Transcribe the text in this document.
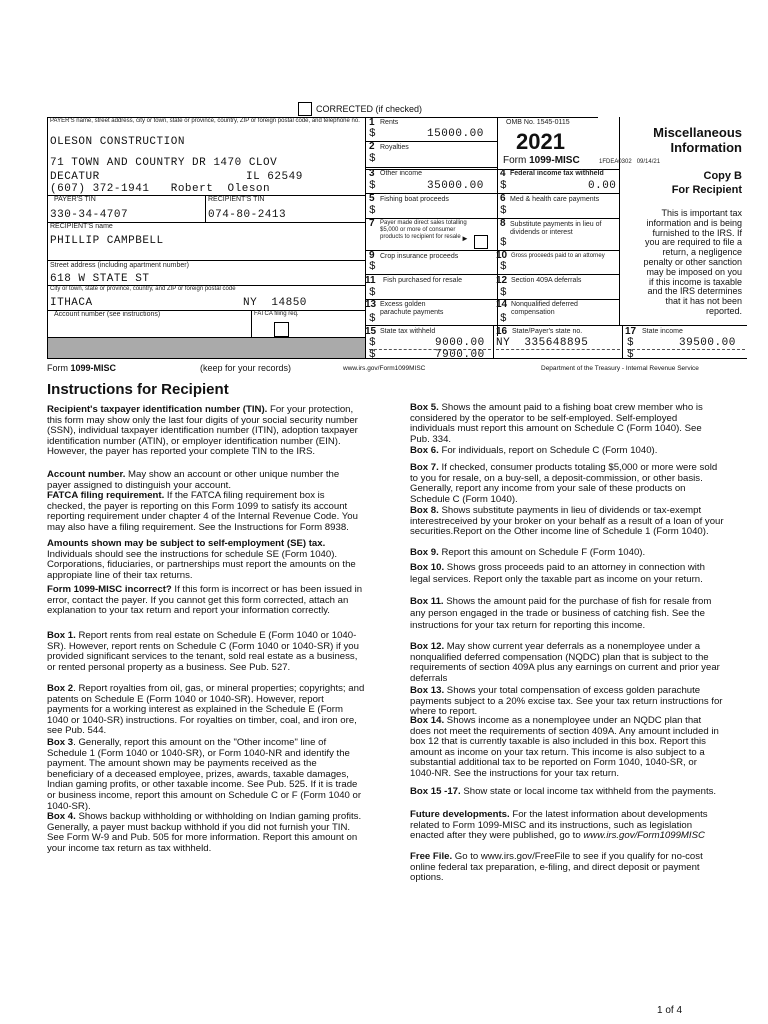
CORRECTED (if checked)
PAYER'S name, street address, city or town, state or province, country, ZIP or foreign postal code, and telephone no.
OLESON CONSTRUCTION
71 TOWN AND COUNTRY DR 1470 CLOV
DECATUR	IL 62549
(607) 372-1941   Robert  Oleson
PAYER'S TIN	RECIPIENT'S TIN
330-34-4707	074-80-2413
RECIPIENT'S name
PHILLIP CAMPBELL
Street address (including apartment number)
618 W STATE ST
City or town, state or province, country, and ZIP or foreign postal code
ITHACA	NY  14850
Account number (see instructions)	FATCA filing req.
1 Rents
$	15000.00
2 Royalties
$
OMB No. 1545-0115
2021
Form 1099-MISC	1FDEA0302   09/14/21
Miscellaneous
Information
Copy B
For Recipient
This is important tax information and is being furnished to the IRS. If you are required to file a return, a negligence penalty or other sanction may be imposed on you if this income is taxable and the IRS determines that it has not been reported.
3 Other income
$	35000.00
4 Federal income tax withheld
$	0.00
5 Fishing boat proceeds
$
6 Med & health care payments
$
7 Payer made direct sales totalling $5,000 or more of consumer products to recipient for resale ►
8 Substitute payments in lieu of dividends or interest
$
9 Crop insurance proceeds
$
10 Gross proceeds paid to an attorney
$
11 Fish purchased for resale
$
12 Section 409A deferrals
$
13 Excess golden parachute payments
$
14 Nonqualified deferred compensation
$
15 State tax withheld
$	9000.00
$	7900.00
16 State/Payer's state no.
NY  335648895
17 State income
$	39500.00
$
Form 1099-MISC	(keep for your records)	www.irs.gov/Form1099MISC	Department of the Treasury - Internal Revenue Service
Instructions for Recipient
Recipient's taxpayer identification number (TIN). For your protection, this form may show only the last four digits of your social security number (SSN), individual taxpayer identification number (ITIN), adoption taxpayer identification number (ATIN), or employer identification number (EIN). However, the payer has reported your complete TIN to the IRS.
Account number. May show an account or other unique number the payer assigned to distinguish your account.
FATCA filing requirement. If the FATCA filing requirement box is checked, the payer is reporting on this Form 1099 to satisfy its account reporting requirement under chapter 4 of the Internal Revenue Code. You may also have a filing requirement. See the Instructions for Form 8938.
Amounts shown may be subject to self-employment (SE) tax. Individuals should see the instructions for schedule SE (Form 1040). Corporations, fiduciaries, or partnerships must report the amounts on the appropiate line of their tax returns.
Form 1099-MISC incorrect? If this form is incorrect or has been issued in error, contact the payer. If you cannot get this form corrected, attach an explanation to your tax return and report your information correctly.
Box 1. Report rents from real estate on Schedule E (Form 1040 or 1040-SR). However, report rents on Schedule C (Form 1040 or 1040-SR) if you provided significant services to the tenant, sold real estate as a business, or rented personal property as a business. See Pub. 527.
Box 2. Report royalties from oil, gas, or mineral properties; copyrights; and patents on Schedule E (Form 1040 or 1040-SR). However, report payments for a working interest as explained in the Schedule E (Form 1040 or 1040-SR) instructions. For royalties on timber, coal, and iron ore, see Pub. 544.
Box 3. Generally, report this amount on the "Other income" line of Schedule 1 (Form 1040 or 1040-SR), or Form 1040-NR and identify the payment. The amount shown may be payments received as the beneficiary of a deceased employee, prizes, awards, taxable damages, Indian gaming profits, or other taxable income. See Pub. 525. If it is trade or business income, report this amount on Schedule C or F (Form 1040 or 1040-SR).
Box 4. Shows backup withholding or withholding on Indian gaming profits. Generally, a payer must backup withhold if you did not furnish your TIN. See Form W-9 and Pub. 505 for more information. Report this amount on your income tax return as tax withheld.
Box 5. Shows the amount paid to a fishing boat crew member who is considered by the operator to be self-employed. Self-employed individuals must report this amount on Schedule C (Form 1040). See Pub. 334.
Box 6. For individuals, report on Schedule C (Form 1040).
Box 7. If checked, consumer products totaling $5,000 or more were sold to you for resale, on a buy-sell, a deposit-commission, or other basis. Generally, report any income from your sale of these products on Schedule C (Form 1040).
Box 8. Shows substitute payments in lieu of dividends or tax-exempt interestreceived by your broker on your behalf as a result of a loan of your securities.Report on the Other income line of Schedule 1 (Form 1040).
Box 9. Report this amount on Schedule F (Form 1040).
Box 10. Shows gross proceeds paid to an attorney in connection with legal services. Report only the taxable part as income on your return.
Box 11. Shows the amount paid for the purchase of fish for resale from any person engaged in the trade or business of catching fish. See the instructions for your tax return for reporting this income.
Box 12. May show current year deferrals as a nonemployee under a nonqualified deferred compensation (NQDC) plan that is subject to the requirements of section 409A plus any earnings on current and prior year deferrals
Box 13. Shows your total compensation of excess golden parachute payments subject to a 20% excise tax. See your tax return instructions for where to report.
Box 14. Shows income as a nonemployee under an NQDC plan that does not meet the requirements of section 409A. Any amount included in box 12 that is currently taxable is also included in this box. Report this amount as income on your tax return. This income is also subject to a substantial additional tax to be reported on Form 1040, 1040-SR, or 1040-NR. See the instructions for your tax return.
Box 15 -17. Show state or local income tax withheld from the payments.
Future developments. For the latest information about developments related to Form 1099-MISC and its instructions, such as legislation enacted after they were published, go to www.irs.gov/Form1099MISC
Free File. Go to www.irs.gov/FreeFile to see if you qualify for no-cost online federal tax preparation, e-filing, and direct deposit or payment options.
1 of 4
